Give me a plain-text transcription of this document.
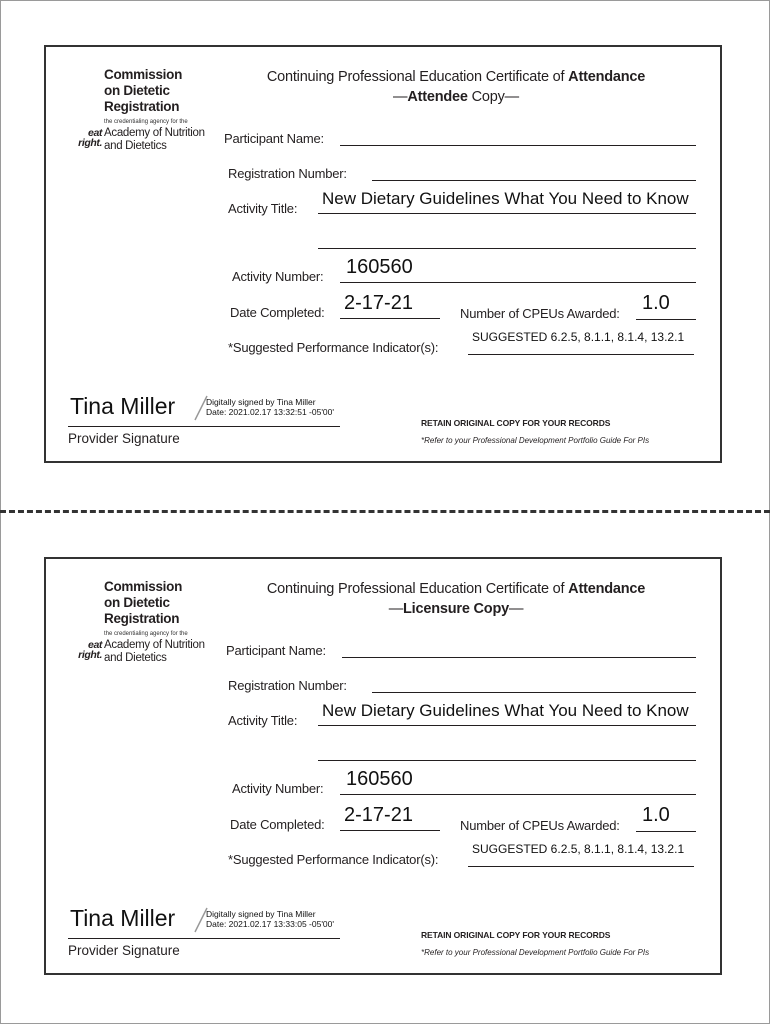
Commission
on Dietetic
Registration
the credentialing agency for the
Academy of Nutrition
and Dietetics
eat
right.
Continuing Professional Education Certificate of Attendance
—Attendee Copy—
Participant Name:
Registration Number:
Activity Title:
New Dietary Guidelines What You Need to Know
Activity Number: 160560
Date Completed: 2-17-21	Number of CPEUs Awarded: 1.0
*Suggested Performance Indicator(s):
SUGGESTED 6.2.5, 8.1.1, 8.1.4, 13.2.1
Tina Miller	Digitally signed by Tina Miller
Date: 2021.02.17 13:32:51 -05'00'
Provider Signature
RETAIN ORIGINAL COPY FOR YOUR RECORDS
*Refer to your Professional Development Portfolio Guide For PIs
Commission
on Dietetic
Registration
the credentialing agency for the
Academy of Nutrition
and Dietetics
eat
right.
Continuing Professional Education Certificate of Attendance
—Licensure Copy—
Participant Name:
Registration Number:
Activity Title:
New Dietary Guidelines What You Need to Know
Activity Number: 160560
Date Completed: 2-17-21	Number of CPEUs Awarded: 1.0
*Suggested Performance Indicator(s):
SUGGESTED 6.2.5, 8.1.1, 8.1.4, 13.2.1
Tina Miller	Digitally signed by Tina Miller
Date: 2021.02.17 13:33:05 -05'00'
Provider Signature
RETAIN ORIGINAL COPY FOR YOUR RECORDS
*Refer to your Professional Development Portfolio Guide For PIs
